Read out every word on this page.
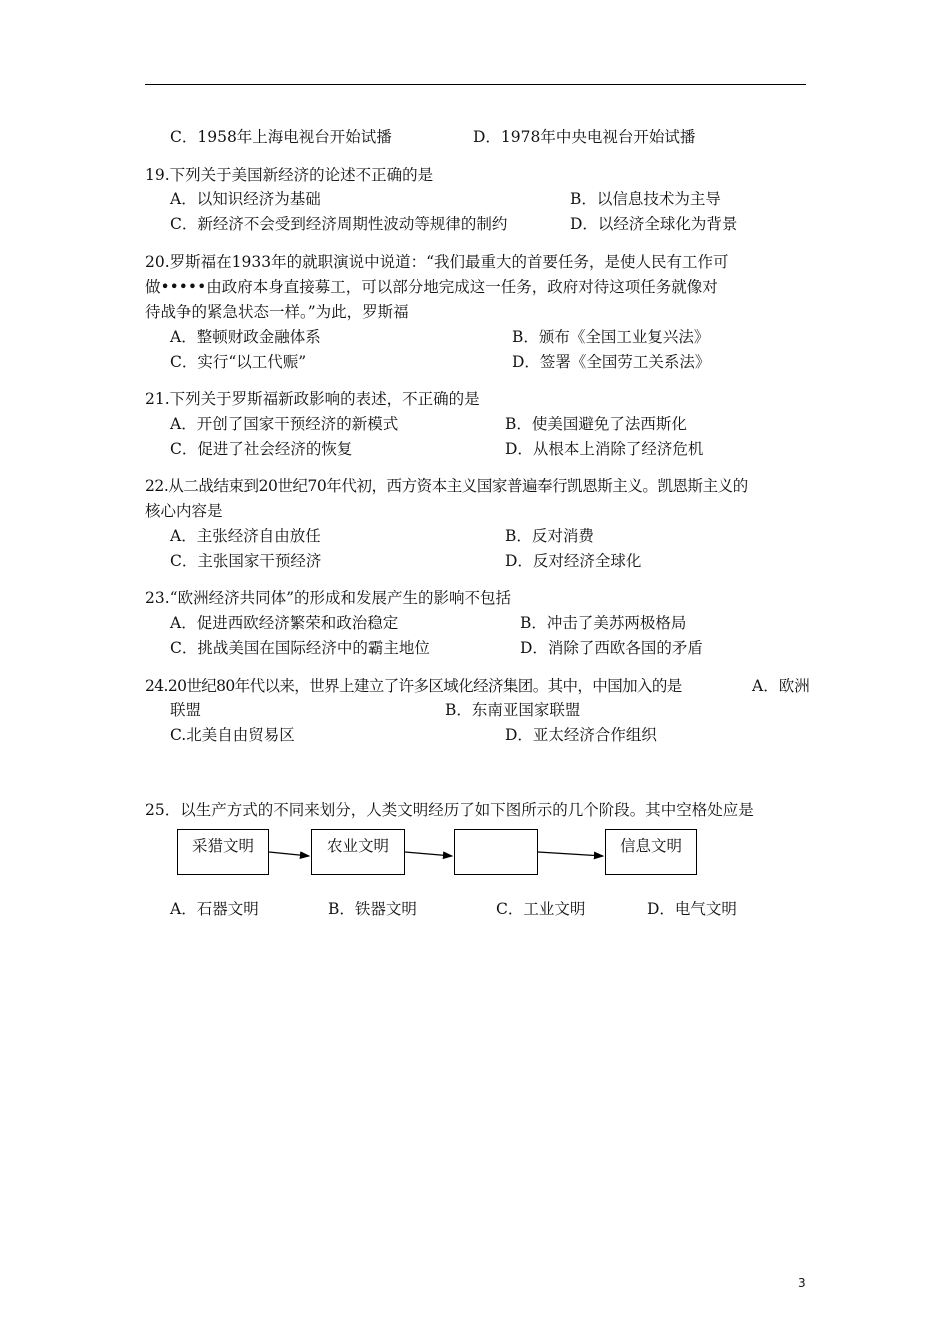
C．1958年上海电视台开始试播	D．1978年中央电视台开始试播
19.下列关于美国新经济的论述不正确的是
A．以知识经济为基础	B．以信息技术为主导
C．新经济不会受到经济周期性波动等规律的制约	D．以经济全球化为背景
20.罗斯福在1933年的就职演说中说道：“我们最重大的首要任务，是使人民有工作可
做•••••由政府本身直接募工，可以部分地完成这一任务，政府对待这项任务就像对
待战争的紧急状态一样。”为此，罗斯福
A．整顿财政金融体系	B．颁布《全国工业复兴法》
C．实行“以工代赈”	D．签署《全国劳工关系法》
21.下列关于罗斯福新政影响的表述，不正确的是
A．开创了国家干预经济的新模式	B．使美国避免了法西斯化
C．促进了社会经济的恢复	D．从根本上消除了经济危机
22.从二战结束到20世纪70年代初，西方资本主义国家普遍奉行凯恩斯主义。凯恩斯主义的
核心内容是
A．主张经济自由放任	B．反对消费
C．主张国家干预经济	D．反对经济全球化
23.“欧洲经济共同体”的形成和发展产生的影响不包括
A．促进西欧经济繁荣和政治稳定	B．冲击了美苏两极格局
C．挑战美国在国际经济中的霸主地位	D．消除了西欧各国的矛盾
24.20世纪80年代以来，世界上建立了许多区域化经济集团。其中，中国加入的是	A．欧洲
联盟	B．东南亚国家联盟
C.北美自由贸易区	D．亚太经济合作组织
25．以生产方式的不同来划分，人类文明经历了如下图所示的几个阶段。其中空格处应是
采猎文明	农业文明	信息文明
A．石器文明	B．铁器文明	C．工业文明	D．电气文明
3
